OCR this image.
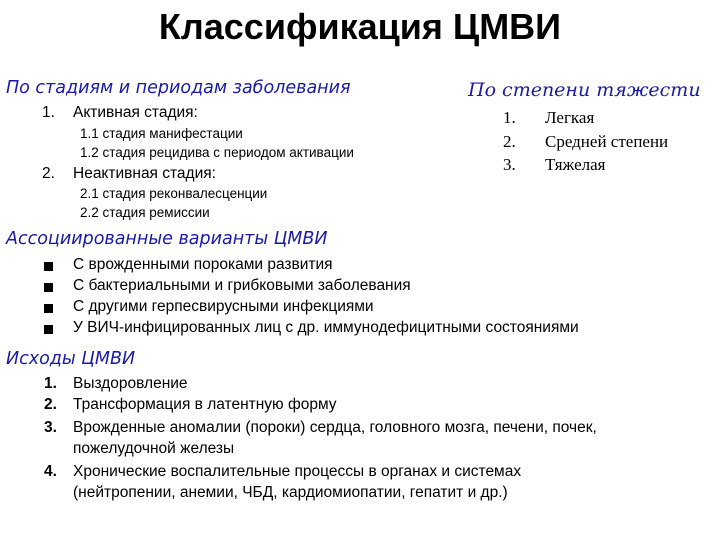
Классификация ЦМВИ
По стадиям и периодам заболевания
1. Активная стадия:
1.1 стадия манифестации
1.2 стадия рецидива с периодом активации
2. Неактивная стадия:
2.1 стадия реконвалесценции
2.2 стадия ремиссии
По степени тяжести
1. Легкая
2. Средней степени
3. Тяжелая
Ассоциированные варианты ЦМВИ
С врожденными пороками развития
С бактериальными и грибковыми заболевания
С другими герпесвирусными инфекциями
У ВИЧ-инфицированных лиц с др. иммунодефицитными состояниями
Исходы ЦМВИ
1. Выздоровление
2. Трансформация в латентную форму
3. Врожденные аномалии (пороки) сердца, головного мозга, печени, почек,
пожелудочной железы
4. Хронические воспалительные процессы в органах и системах
(нейтропении, анемии, ЧБД, кардиомиопатии, гепатит и др.)
